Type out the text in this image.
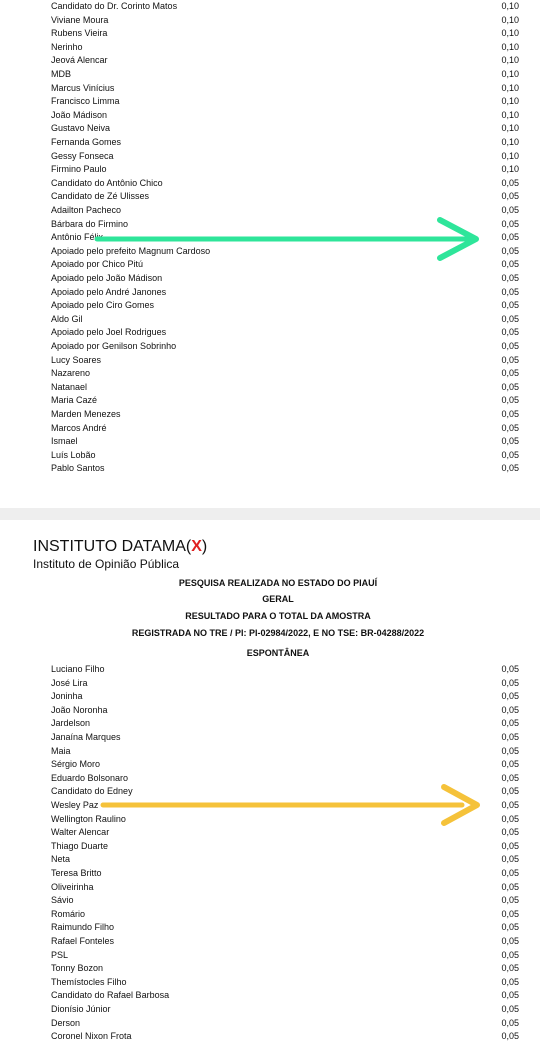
Candidato do Dr. Corinto Matos	0,10
Viviane Moura	0,10
Rubens Vieira	0,10
Nerinho	0,10
Jeová Alencar	0,10
MDB	0,10
Marcus Vinícius	0,10
Francisco Limma	0,10
João Mádison	0,10
Gustavo Neiva	0,10
Fernanda Gomes	0,10
Gessy Fonseca	0,10
Firmino Paulo	0,10
Candidato do Antônio Chico	0,05
Candidato de Zé Ulisses	0,05
Adailton Pacheco	0,05
Bárbara do Firmino	0,05
Antônio Félix	0,05
Apoiado pelo prefeito Magnum Cardoso	0,05
Apoiado por Chico Pitú	0,05
Apoiado pelo João Mádison	0,05
Apoiado pelo André Janones	0,05
Apoiado pelo Ciro Gomes	0,05
Aldo Gil	0,05
Apoiado pelo Joel Rodrigues	0,05
Apoiado por Genilson Sobrinho	0,05
Lucy Soares	0,05
Nazareno	0,05
Natanael	0,05
Maria Cazé	0,05
Marden Menezes	0,05
Marcos André	0,05
Ismael	0,05
Luís Lobão	0,05
Pablo Santos	0,05
INSTITUTO DATAMA(X)
Instituto de Opinião Pública
PESQUISA REALIZADA NO ESTADO DO PIAUÍ
GERAL
RESULTADO PARA O TOTAL DA AMOSTRA
REGISTRADA NO TRE / PI: PI-02984/2022, E NO TSE: BR-04288/2022
ESPONTÂNEA
Luciano Filho	0,05
José Lira	0,05
Joninha	0,05
João Noronha	0,05
Jardelson	0,05
Janaína Marques	0,05
Maia	0,05
Sérgio Moro	0,05
Eduardo Bolsonaro	0,05
Candidato do Edney	0,05
Wesley Paz	0,05
Wellington Raulino	0,05
Walter Alencar	0,05
Thiago Duarte	0,05
Neta	0,05
Teresa Britto	0,05
Oliveirinha	0,05
Sávio	0,05
Romário	0,05
Raimundo Filho	0,05
Rafael Fonteles	0,05
PSL	0,05
Tonny Bozon	0,05
Themístocles Filho	0,05
Candidato do Rafael Barbosa	0,05
Dionísio Júnior	0,05
Derson	0,05
Coronel Nixon Frota	0,05
